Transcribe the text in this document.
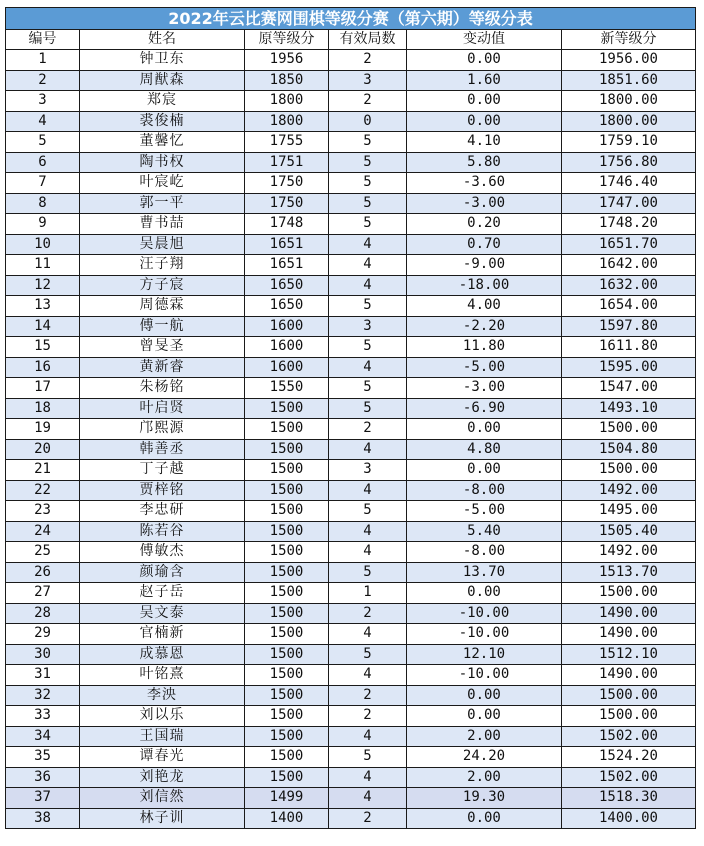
2022年云比赛网围棋等级分赛（第六期）等级分表					
编号	姓名	原等级分	有效局数	变动值	新等级分
1	钟卫东	1956	2	0.00	1956.00
2	周猷森	1850	3	1.60	1851.60
3	郑宸	1800	2	0.00	1800.00
4	裘俊楠	1800	0	0.00	1800.00
5	董馨忆	1755	5	4.10	1759.10
6	陶书权	1751	5	5.80	1756.80
7	叶宸屹	1750	5	-3.60	1746.40
8	郭一平	1750	5	-3.00	1747.00
9	曹书喆	1748	5	0.20	1748.20
10	吴晨旭	1651	4	0.70	1651.70
11	汪子翔	1651	4	-9.00	1642.00
12	方子宸	1650	4	-18.00	1632.00
13	周德霖	1650	5	4.00	1654.00
14	傅一航	1600	3	-2.20	1597.80
15	曾旻圣	1600	5	11.80	1611.80
16	黄新睿	1600	4	-5.00	1595.00
17	朱杨铭	1550	5	-3.00	1547.00
18	叶启贤	1500	5	-6.90	1493.10
19	邝熙源	1500	2	0.00	1500.00
20	韩善丞	1500	4	4.80	1504.80
21	丁子越	1500	3	0.00	1500.00
22	贾梓铭	1500	4	-8.00	1492.00
23	李忠研	1500	5	-5.00	1495.00
24	陈若谷	1500	4	5.40	1505.40
25	傅敏杰	1500	4	-8.00	1492.00
26	颜瑜含	1500	5	13.70	1513.70
27	赵子岳	1500	1	0.00	1500.00
28	吴文泰	1500	2	-10.00	1490.00
29	官楠新	1500	4	-10.00	1490.00
30	成慕恩	1500	5	12.10	1512.10
31	叶铭熹	1500	4	-10.00	1490.00
32	李泱	1500	2	0.00	1500.00
33	刘以乐	1500	2	0.00	1500.00
34	王国瑞	1500	4	2.00	1502.00
35	谭春光	1500	5	24.20	1524.20
36	刘艳龙	1500	4	2.00	1502.00
37	刘信然	1499	4	19.30	1518.30
38	林子训	1400	2	0.00	1400.00
